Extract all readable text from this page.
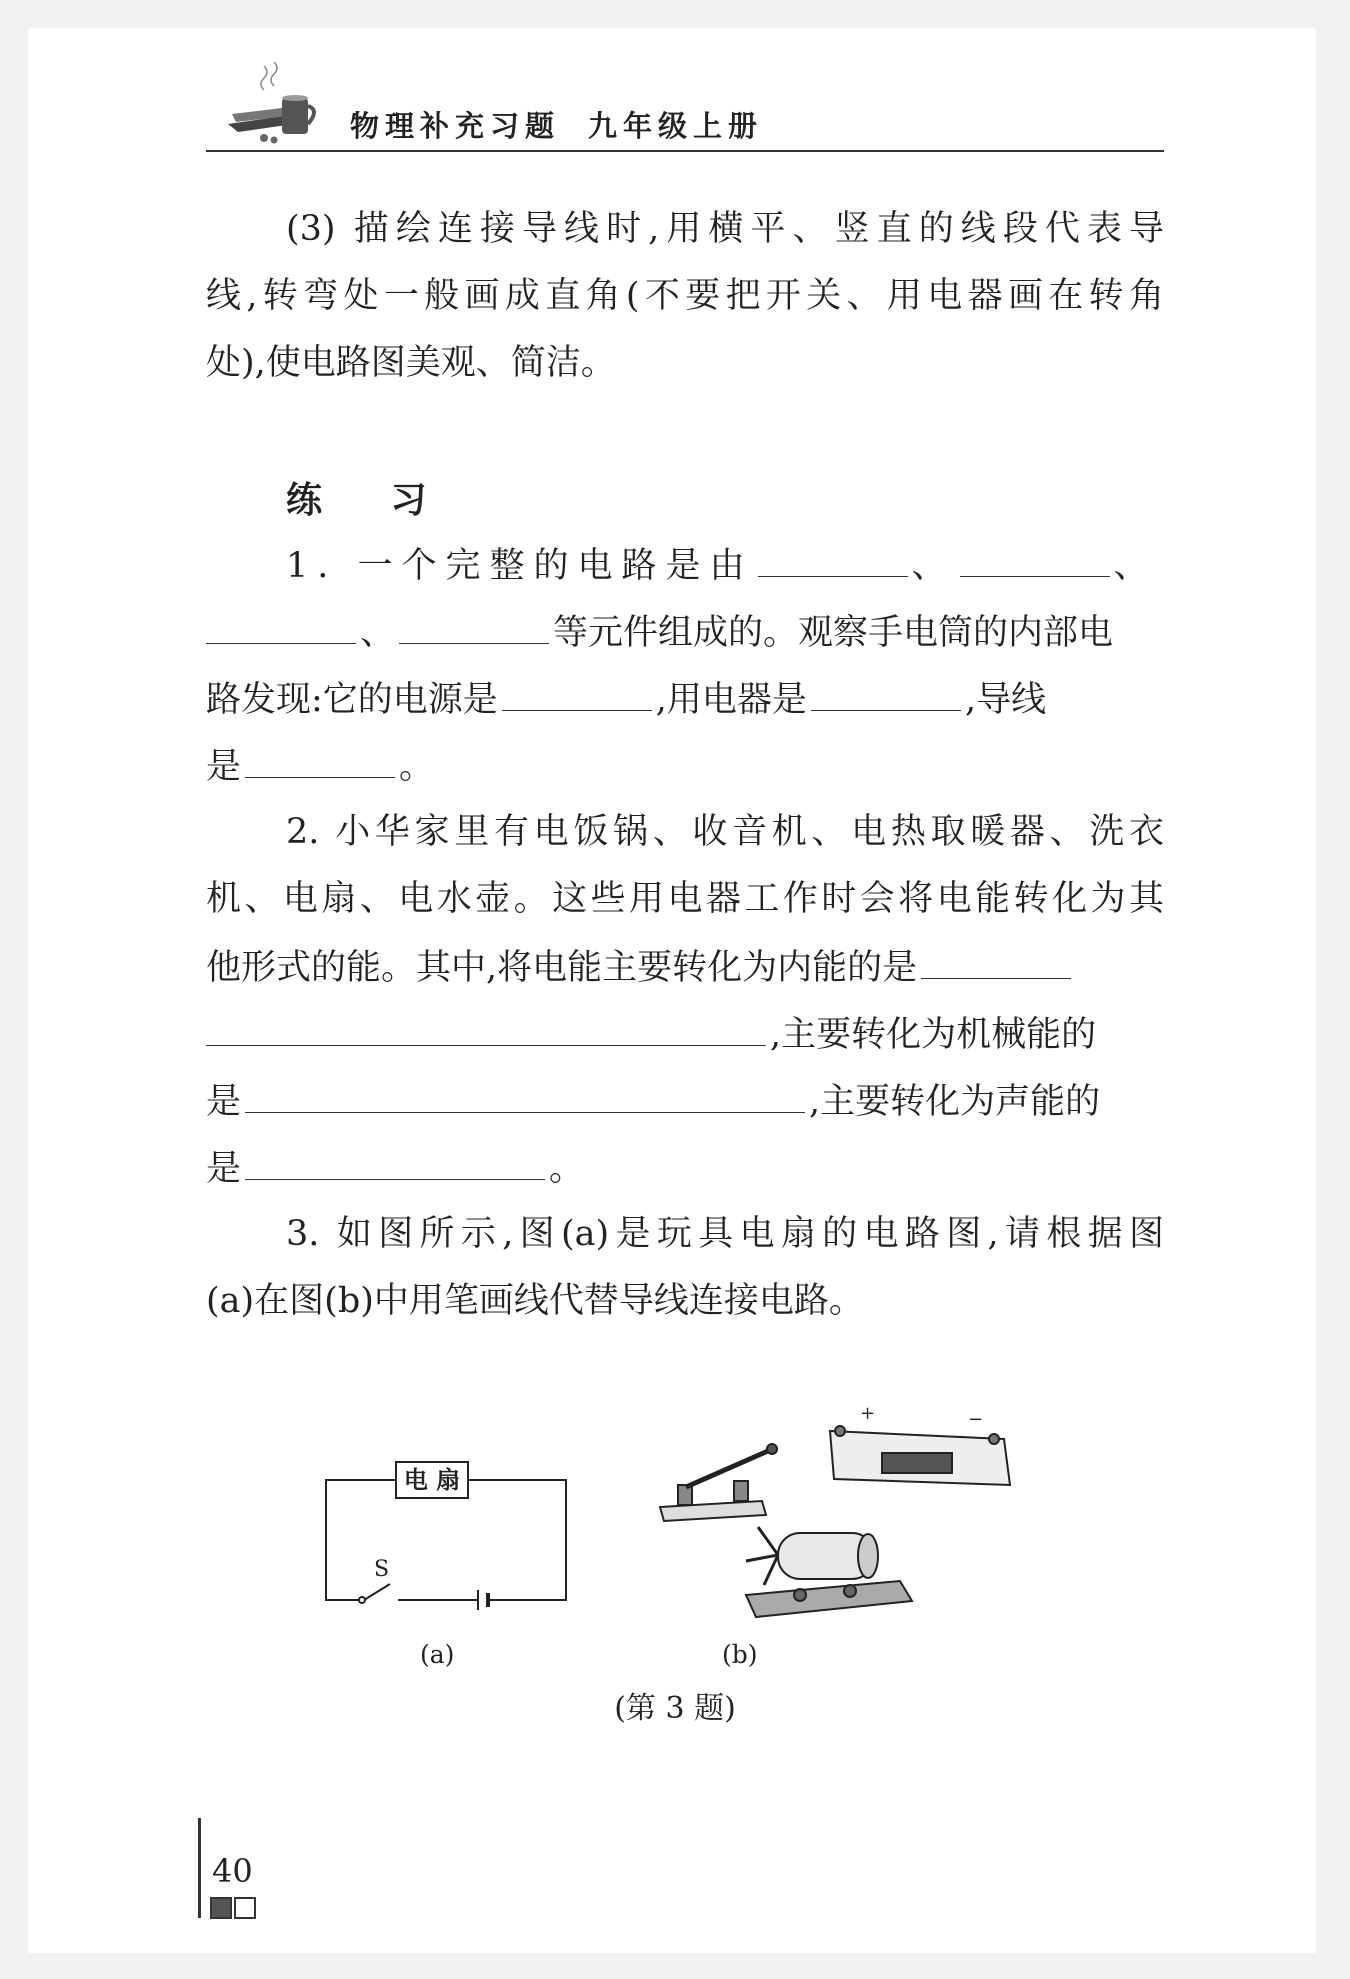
物理补充习题 九年级上册
(3) 描绘连接导线时,用横平、竖直的线段代表导
线,转弯处一般画成直角(不要把开关、用电器画在转角
处),使电路图美观、简洁。
练 习
1. 一个完整的电路是由	、	、
、	等元件组成的。观察手电筒的内部电
路发现:它的电源是	,用电器是	,导线
是	。
2. 小华家里有电饭锅、收音机、电热取暖器、洗衣
机、电扇、电水壶。这些用电器工作时会将电能转化为其
他形式的能。其中,将电能主要转化为内能的是
,主要转化为机械能的
是	,主要转化为声能的
是	。
3. 如图所示,图(a)是玩具电扇的电路图,请根据图
(a)在图(b)中用笔画线代替导线连接电路。
电 扇
S
(a)
+	−
(b)
(第 3 题)
40
